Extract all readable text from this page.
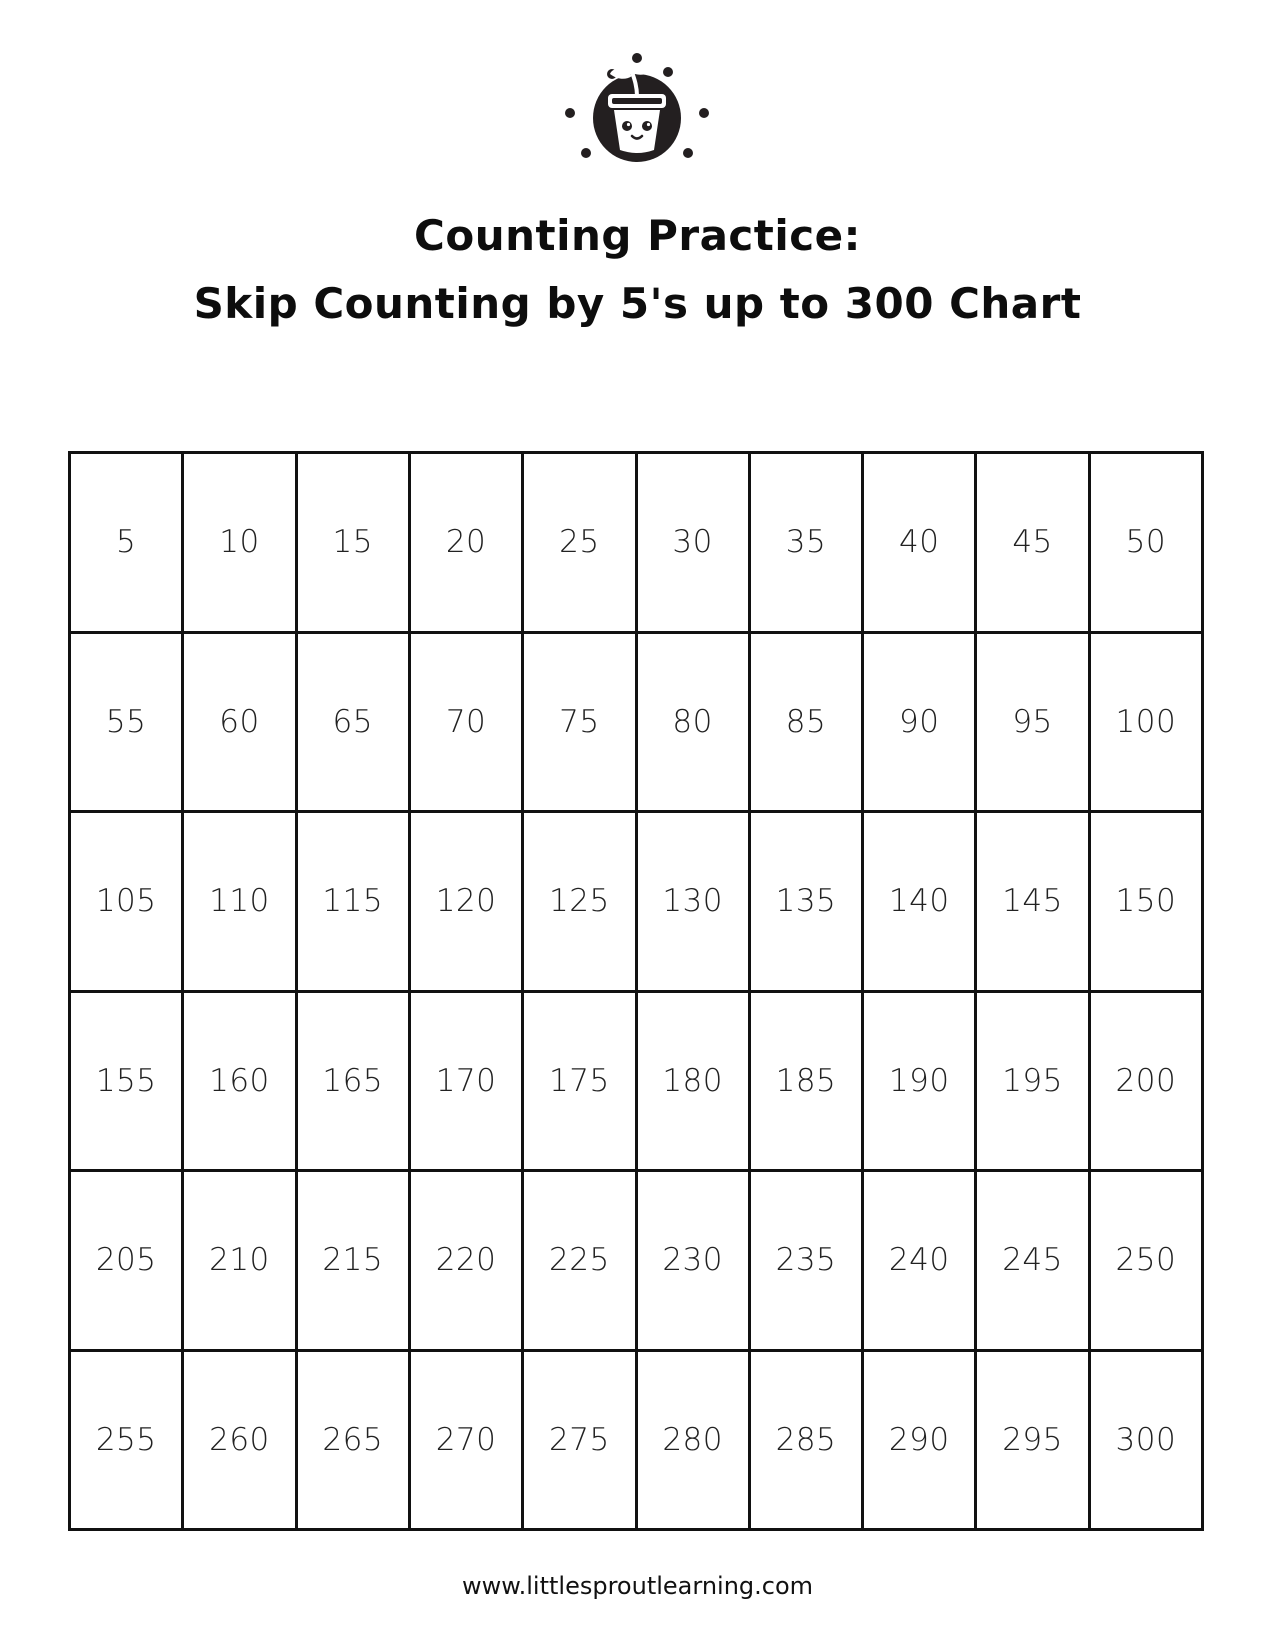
Counting Practice:
Skip Counting by 5's up to 300 Chart
5	10	15	20	25	30	35	40	45	50
55	60	65	70	75	80	85	90	95	100
105	110	115	120	125	130	135	140	145	150
155	160	165	170	175	180	185	190	195	200
205	210	215	220	225	230	235	240	245	250
255	260	265	270	275	280	285	290	295	300
www.littlesproutlearning.com
